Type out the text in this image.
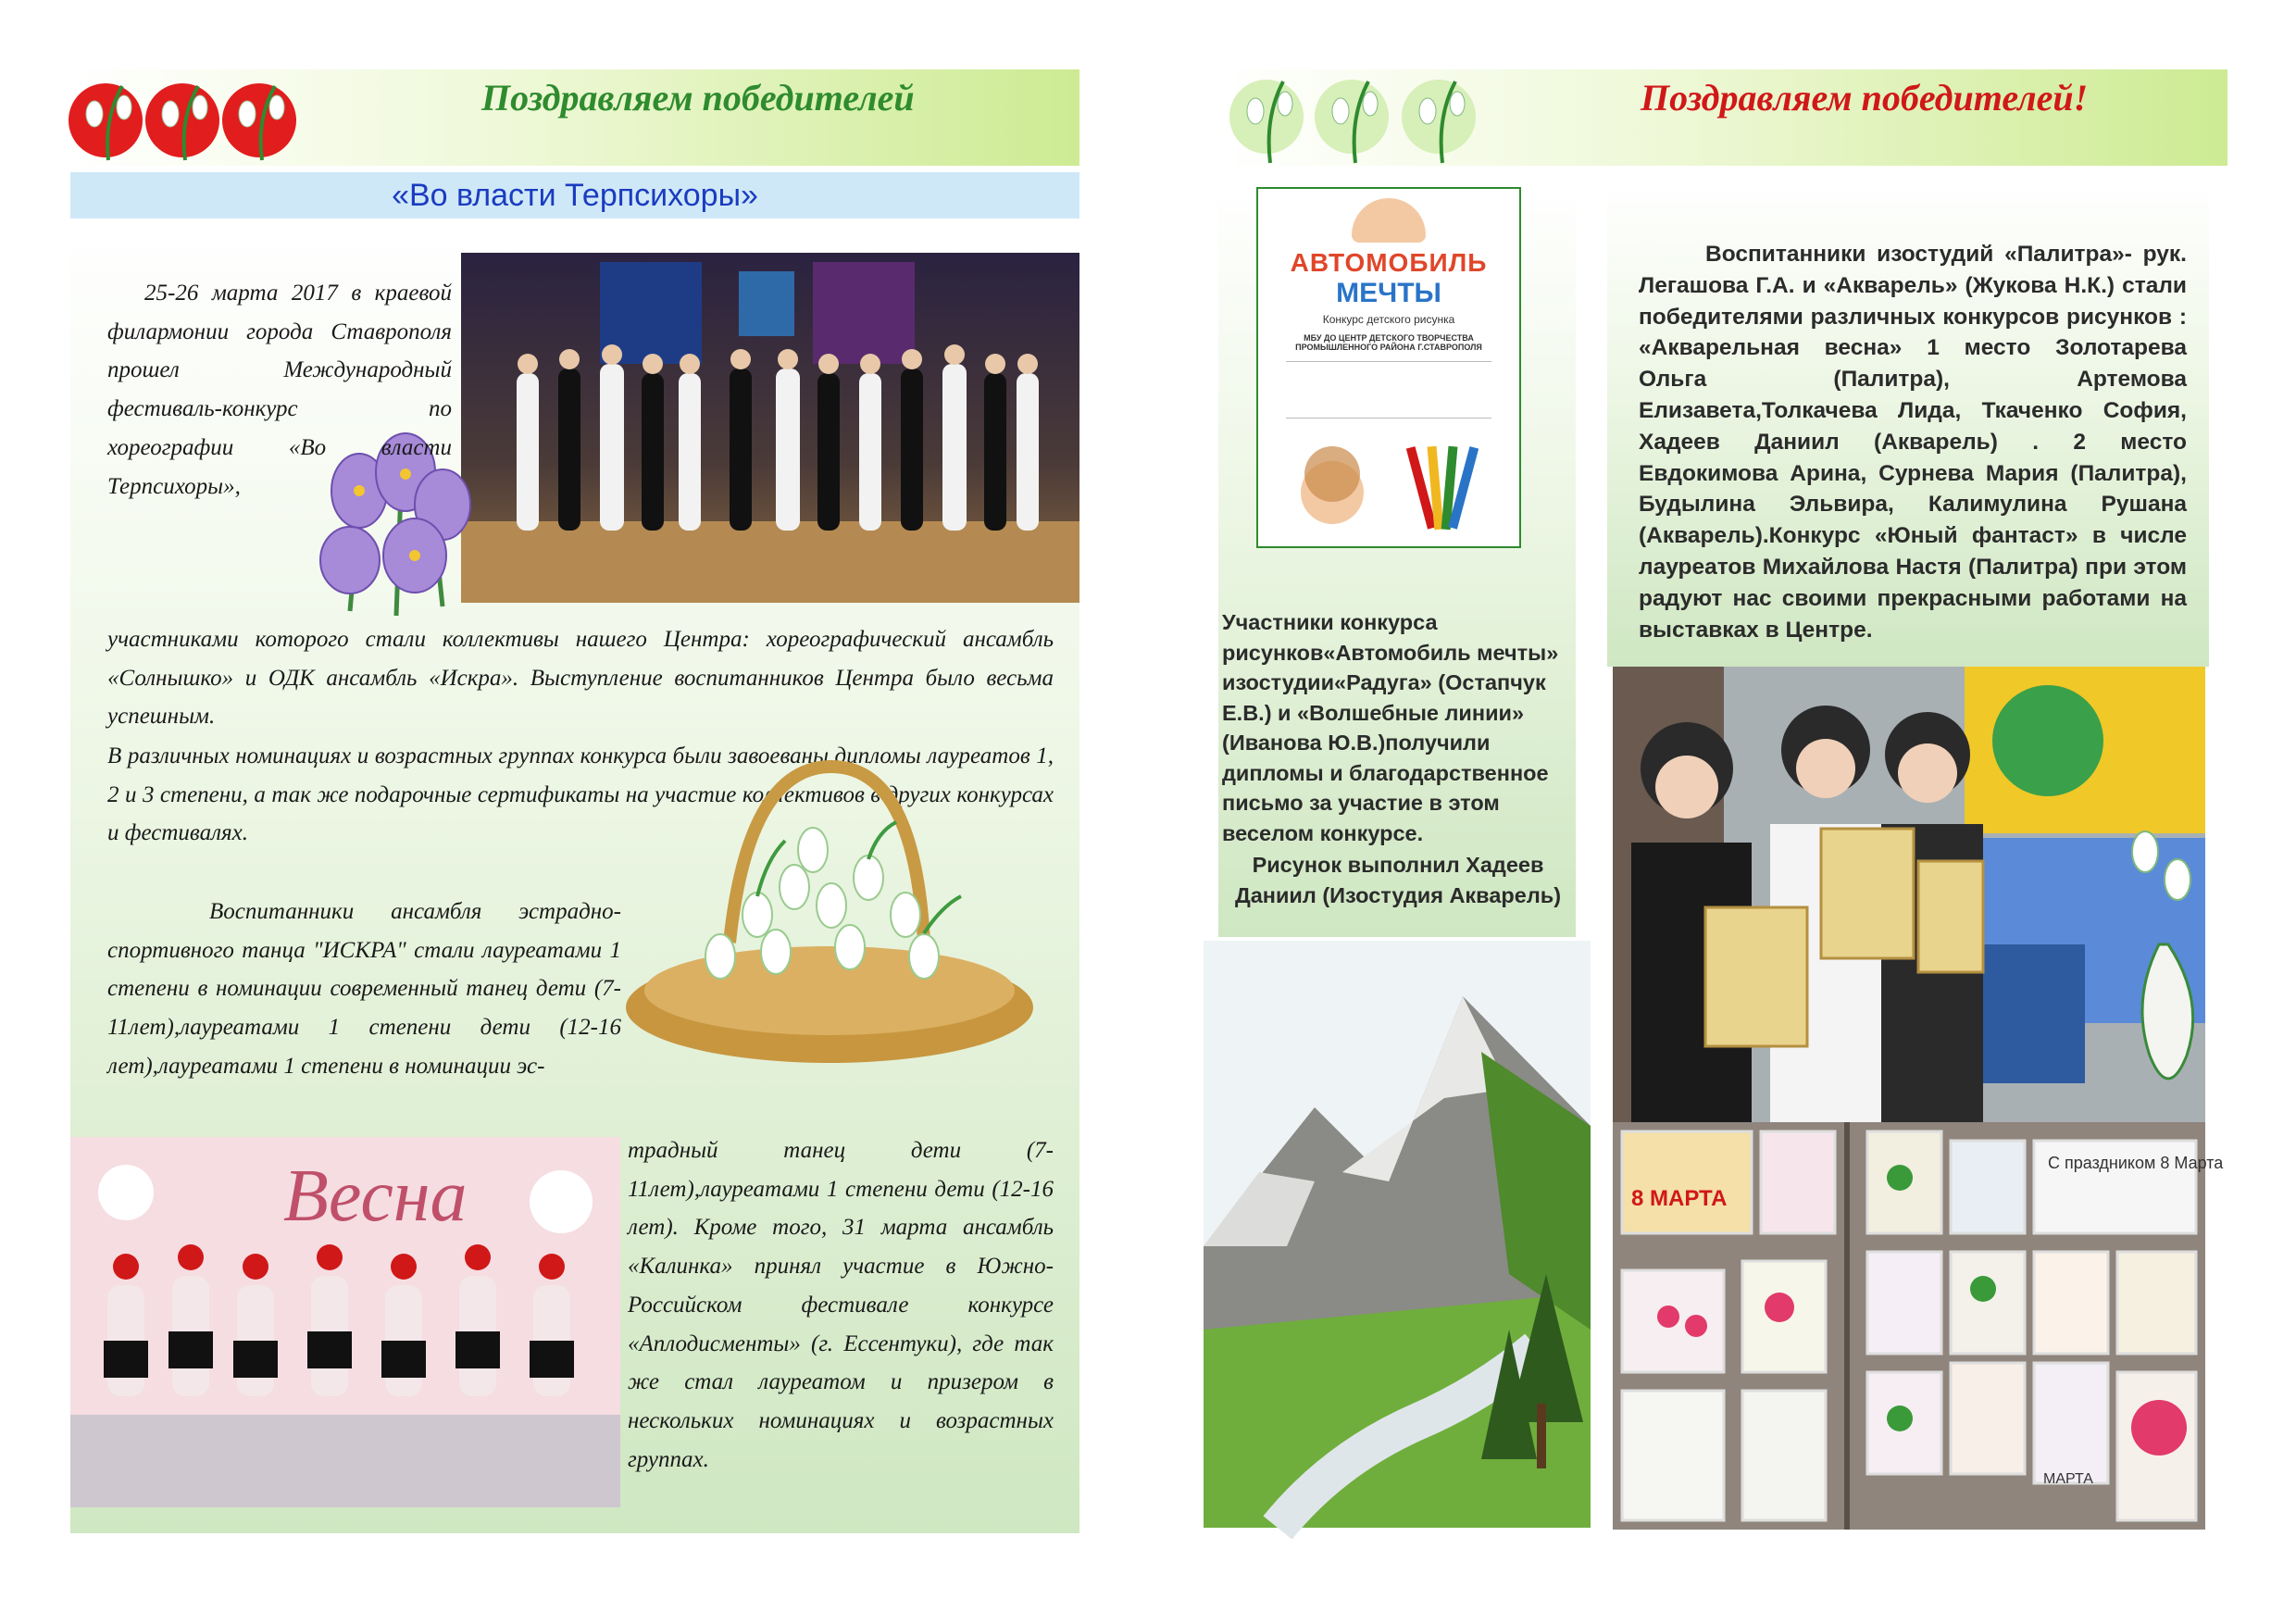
Поздравляем победителей
«Во власти Терпсихоры»

25-26 марта 2017 в краевой филармонии города Ставрополя прошел Международный фестиваль-конкурс по хореографии «Во власти Терпсихоры»,

участниками которого стали коллективы нашего Центра: хореографический ансамбль «Солнышко» и ОДК ансамбль «Искра». Выступление воспитанников Центра было весьма успешным.

В различных номинациях и возрастных группах конкурса были завоеваны дипломы лауреатов 1, 2 и 3 степени, а так же подарочные сертификаты на участие коллективов в других конкурсах и фестивалях.

Воспитанники ансамбля эстрадно-спортивного танца "ИСКРА" стали лауреатами 1 степени в номинации современный танец дети (7-11лет),лауреатами 1 степени дети (12-16 лет),лауреатами 1 степени в номинации эс-

Весна

традный танец дети (7-11лет),лауреатами 1 степени дети (12-16 лет). Кроме того, 31 марта ансамбль «Калинка» принял участие в Южно-Российском фестивале конкурсе «Аплодисменты» (г. Ессентуки), где так же стал лауреатом и призером в нескольких номинациях и возрастных группах.

Поздравляем победителей!
АВТОМОБИЛЬ
МЕЧТЫ
Конкурс детского рисунка
МБУ ДО ЦЕНТР ДЕТСКОГО ТВОРЧЕСТВА ПРОМЫШЛЕННОГО РАЙОНА Г.СТАВРОПОЛЯ

Участники конкурса рисунков«Автомобиль мечты» изостудии«Радуга» (Остапчук Е.В.) и «Волшебные линии» (Иванова Ю.В.)получили дипломы и благодарственное письмо за участие в этом веселом конкурсе.

Рисунок выполнил Хадеев Даниил (Изостудия Акварель)

Воспитанники изостудий «Палитра»- рук. Легашова Г.А. и «Акварель» (Жукова Н.К.) стали победителями различных конкурсов рисунков : «Акварельная весна» 1 место Золотарева Ольга (Палитра), Артемова Елизавета,Толкачева Лида, Ткаченко София, Хадеев Даниил (Акварель) . 2 место Евдокимова Арина, Сурнева Мария (Палитра), Будылина Эльвира, Калимулина Рушана (Акварель).Конкурс «Юный фантаст» в числе лауреатов Михайлова Настя (Палитра) при этом радуют нас своими прекрасными работами на выставках в Центре.

С праздником 8 Марта
8 МАРТА
МАРТА
